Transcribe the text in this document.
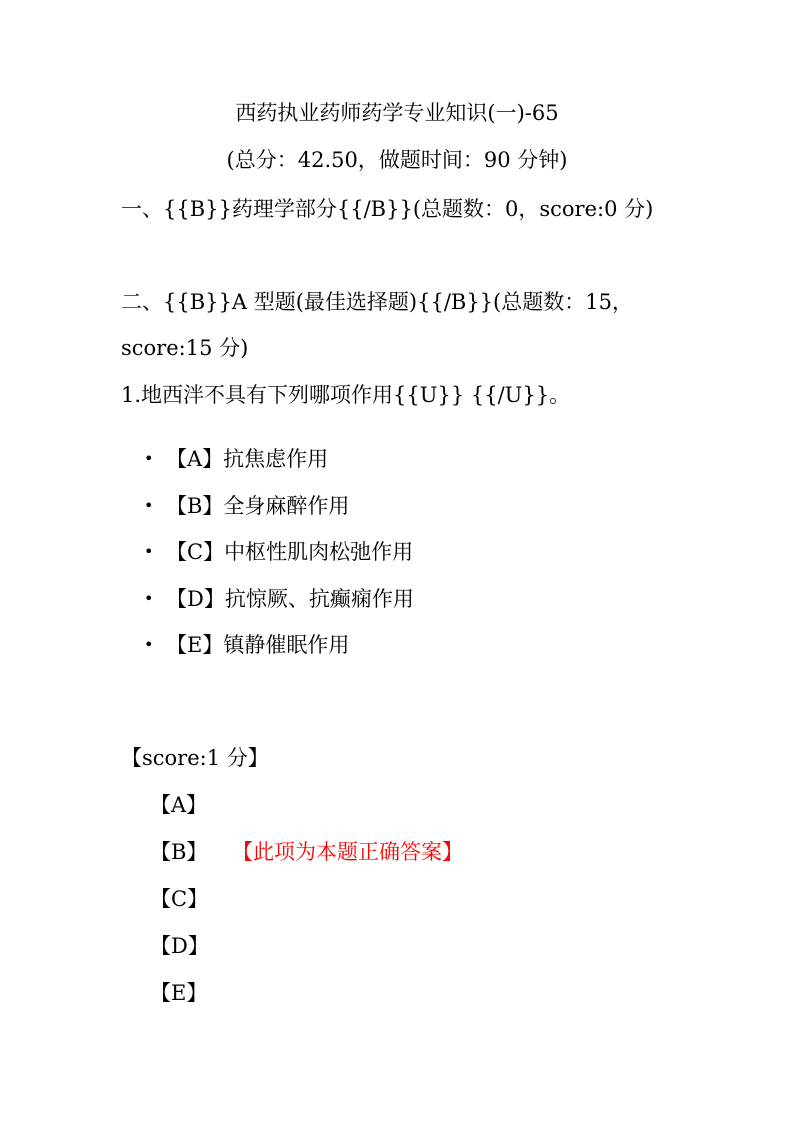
西药执业药师药学专业知识(一)-65
(总分：42.50，做题时间：90 分钟)
一、{{B}}药理学部分{{/B}}(总题数：0，score:0 分)
二、{{B}}A 型题(最佳选择题){{/B}}(总题数：15，score:15 分)
1.地西泮不具有下列哪项作用{{U}} {{/U}}。
• 【A】抗焦虑作用
• 【B】全身麻醉作用
• 【C】中枢性肌肉松弛作用
• 【D】抗惊厥、抗癫痫作用
• 【E】镇静催眠作用
【score:1 分】
【A】
【B】 【此项为本题正确答案】
【C】
【D】
【E】
